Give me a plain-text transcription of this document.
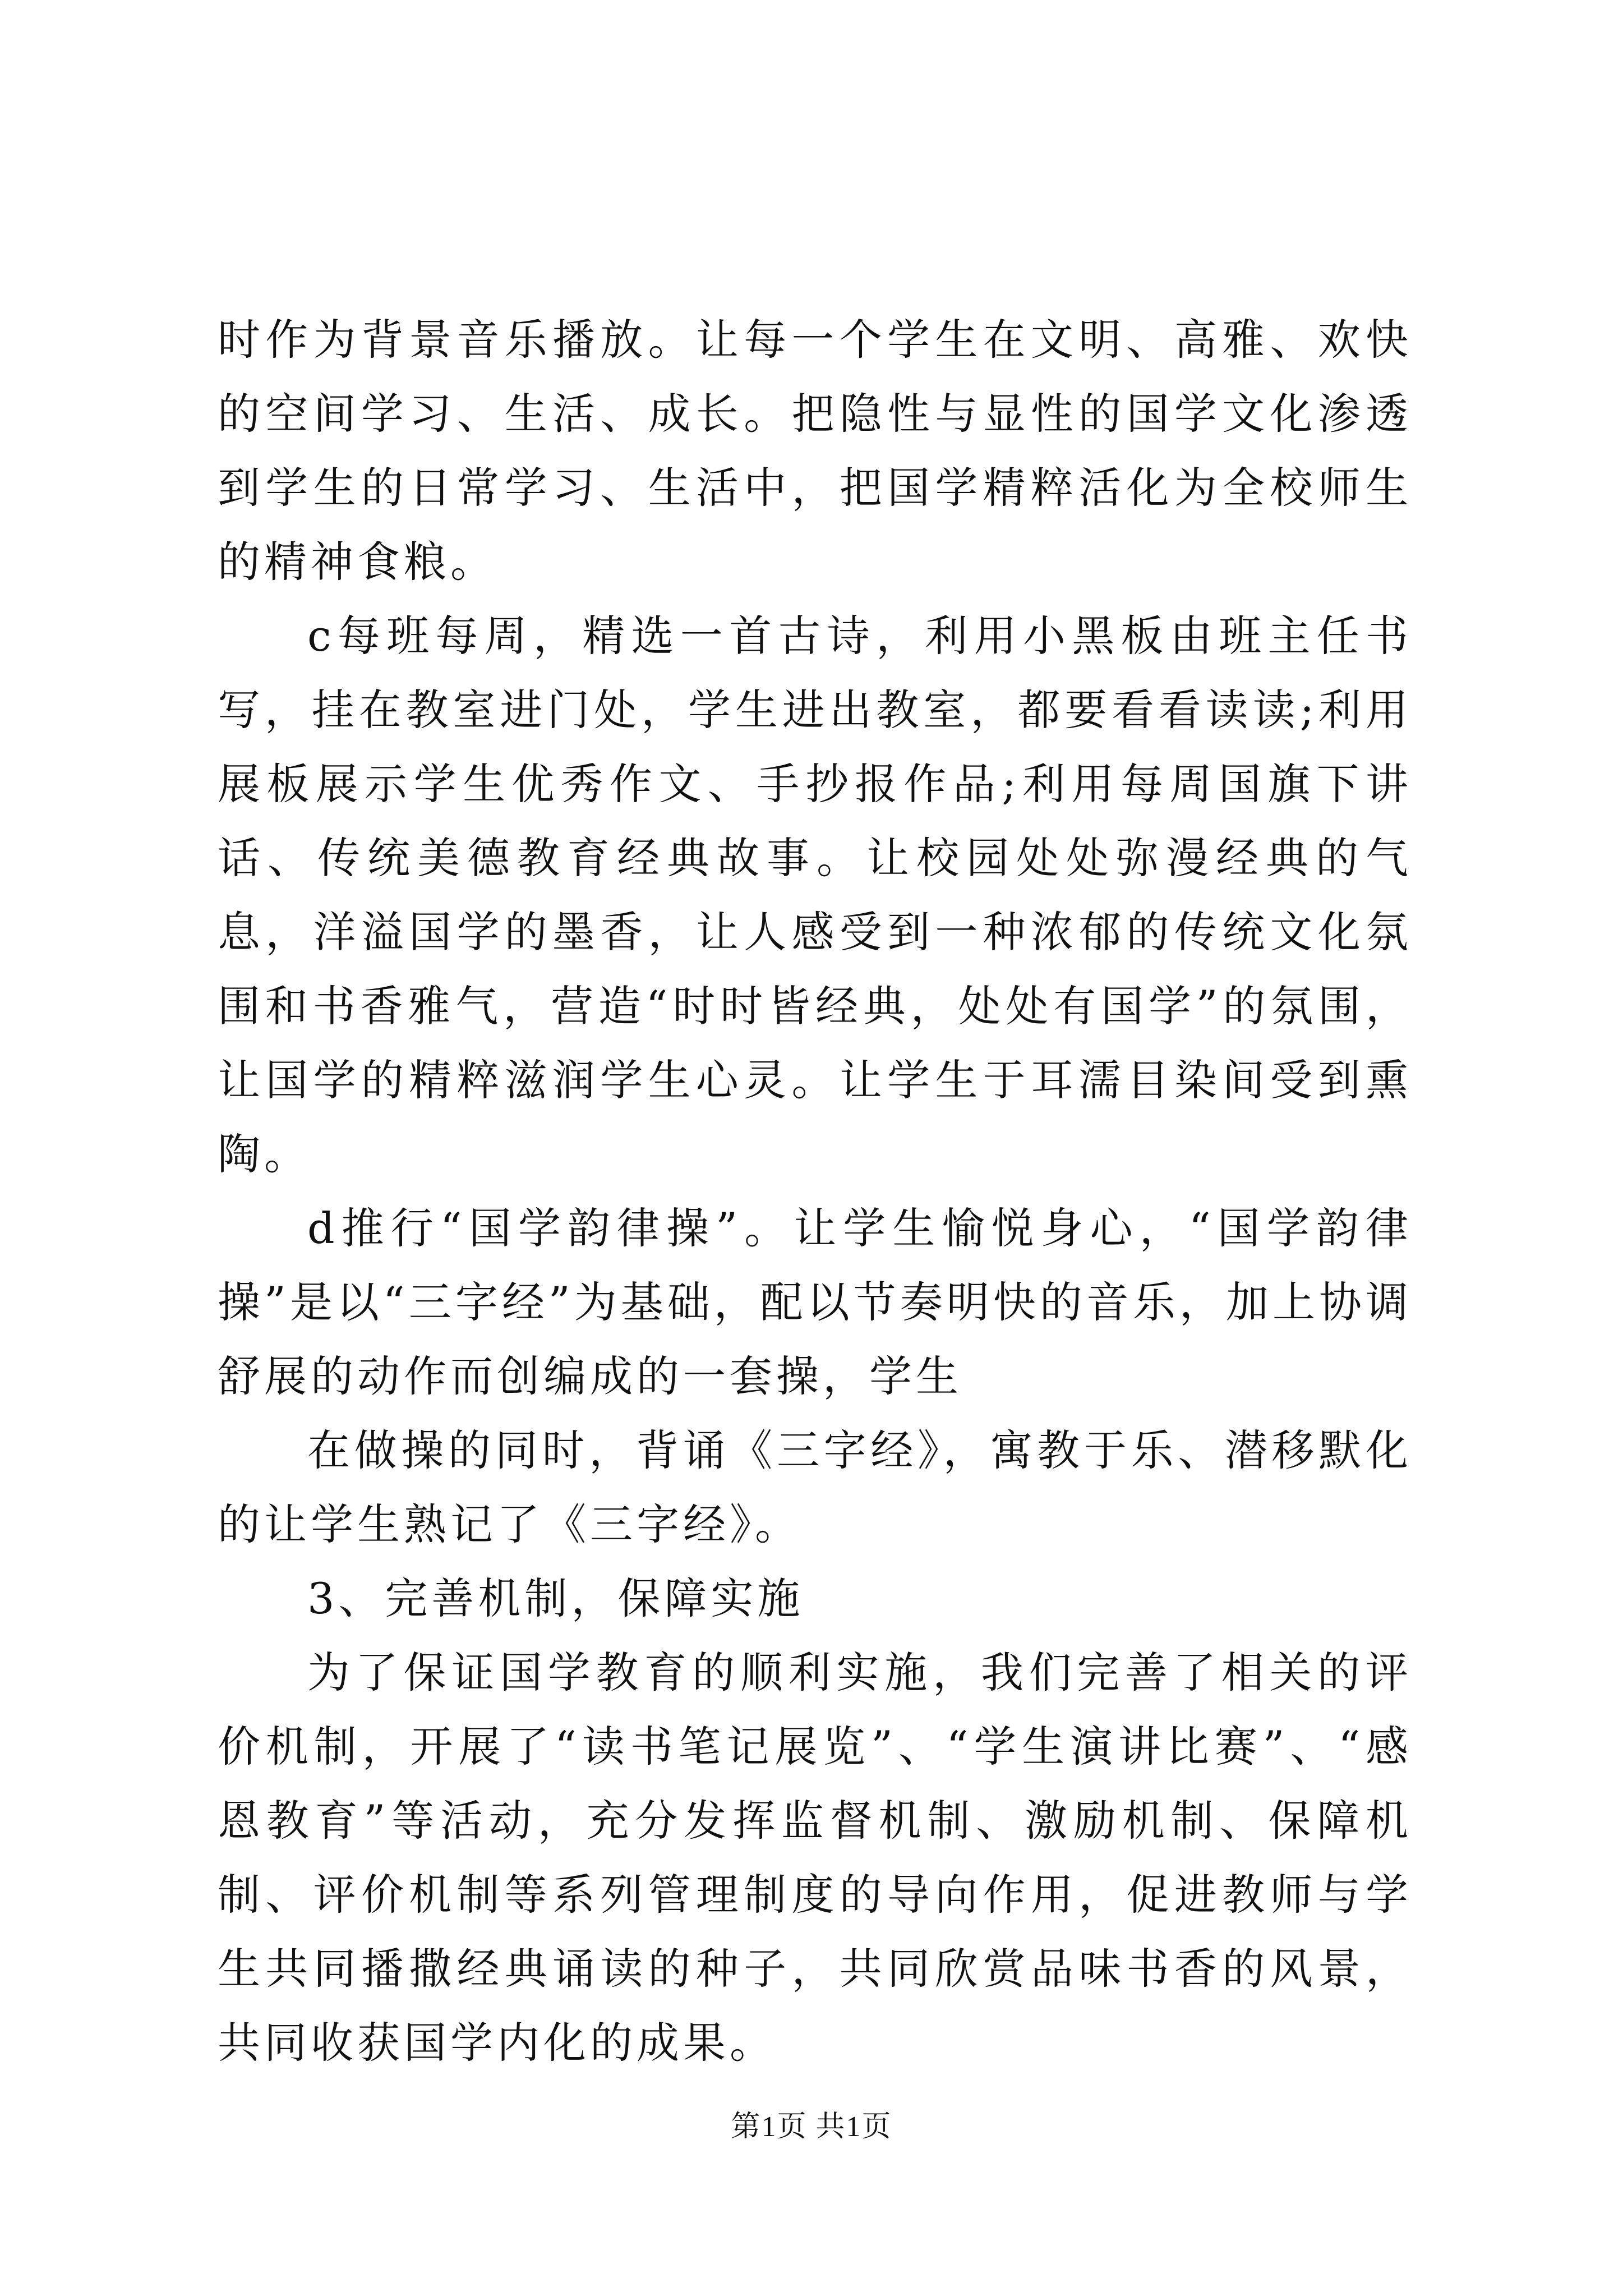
时作为背景音乐播放。让每一个学生在文明、高雅、欢快的空间学习、生活、成长。把隐性与显性的国学文化渗透到学生的日常学习、生活中，把国学精粹活化为全校师生的精神食粮。

c每班每周，精选一首古诗，利用小黑板由班主任书写，挂在教室进门处，学生进出教室，都要看看读读;利用展板展示学生优秀作文、手抄报作品;利用每周国旗下讲话、传统美德教育经典故事。让校园处处弥漫经典的气息，洋溢国学的墨香，让人感受到一种浓郁的传统文化氛围和书香雅气，营造“时时皆经典，处处有国学”的氛围，让国学的精粹滋润学生心灵。让学生于耳濡目染间受到熏陶。

d推行“国学韵律操”。让学生愉悦身心，“国学韵律操”是以“三字经”为基础，配以节奏明快的音乐，加上协调舒展的动作而创编成的一套操，学生

在做操的同时，背诵《三字经》，寓教于乐、潜移默化的让学生熟记了《三字经》。

3、完善机制，保障实施

为了保证国学教育的顺利实施，我们完善了相关的评价机制，开展了“读书笔记展览”、“学生演讲比赛”、“感恩教育”等活动，充分发挥监督机制、激励机制、保障机制、评价机制等系列管理制度的导向作用，促进教师与学生共同播撒经典诵读的种子，共同欣赏品味书香的风景，共同收获国学内化的成果。

第1页 共1页
